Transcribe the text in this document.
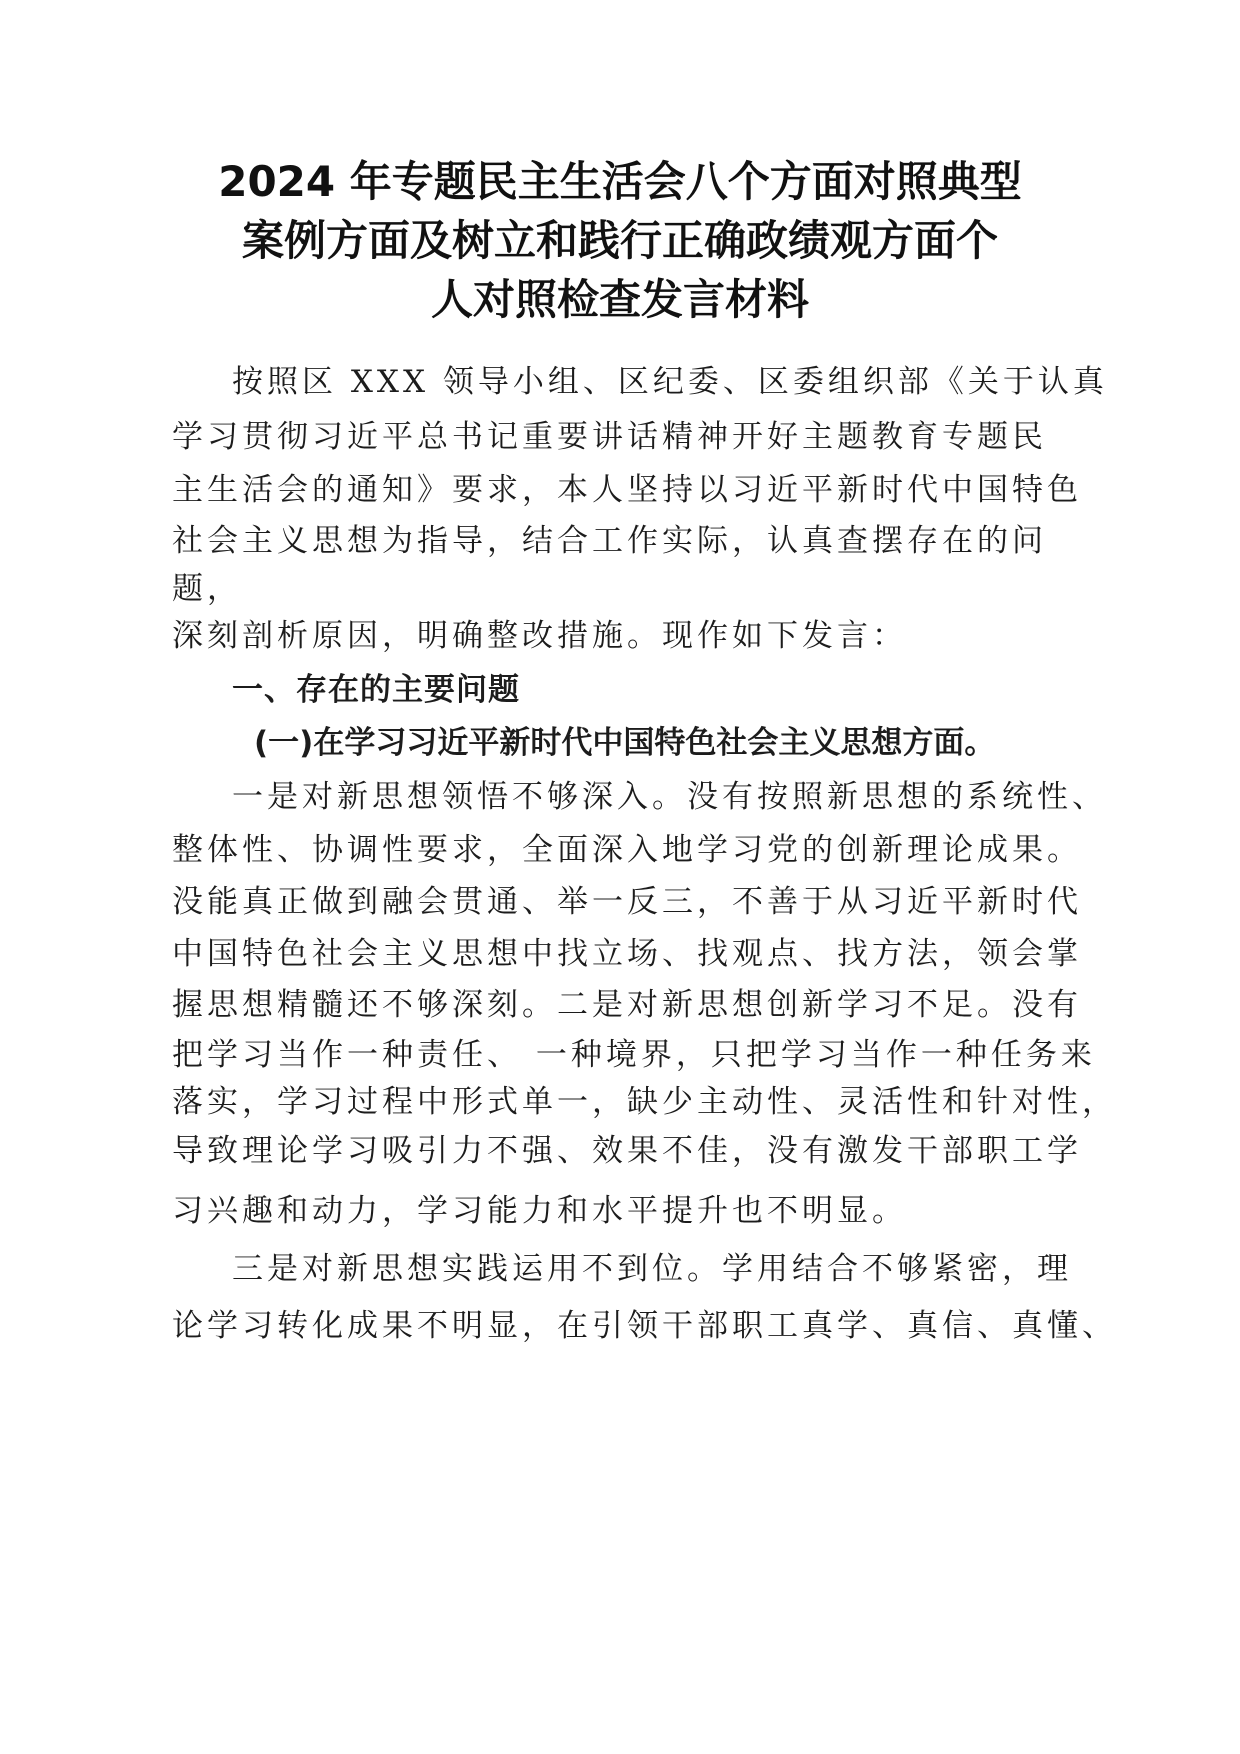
2024 年专题民主生活会八个方面对照典型
案例方面及树立和践行正确政绩观方面个
人对照检查发言材料
按照区 XXX 领导小组、区纪委、区委组织部《关于认真
学习贯彻习近平总书记重要讲话精神开好主题教育专题民
主生活会的通知》要求，本人坚持以习近平新时代中国特色
社会主义思想为指导，结合工作实际，认真查摆存在的问
题，
深刻剖析原因，明确整改措施。现作如下发言：
一、存在的主要问题
(一)在学习习近平新时代中国特色社会主义思想方面。
一是对新思想领悟不够深入。没有按照新思想的系统性、
整体性、协调性要求，全面深入地学习党的创新理论成果。
没能真正做到融会贯通、举一反三，不善于从习近平新时代
中国特色社会主义思想中找立场、找观点、找方法，领会掌
握思想精髓还不够深刻。二是对新思想创新学习不足。没有
把学习当作一种责任、 一种境界，只把学习当作一种任务来
落实，学习过程中形式单一，缺少主动性、灵活性和针对性，
导致理论学习吸引力不强、效果不佳，没有激发干部职工学
习兴趣和动力，学习能力和水平提升也不明显。
三是对新思想实践运用不到位。学用结合不够紧密，理
论学习转化成果不明显，在引领干部职工真学、真信、真懂、
